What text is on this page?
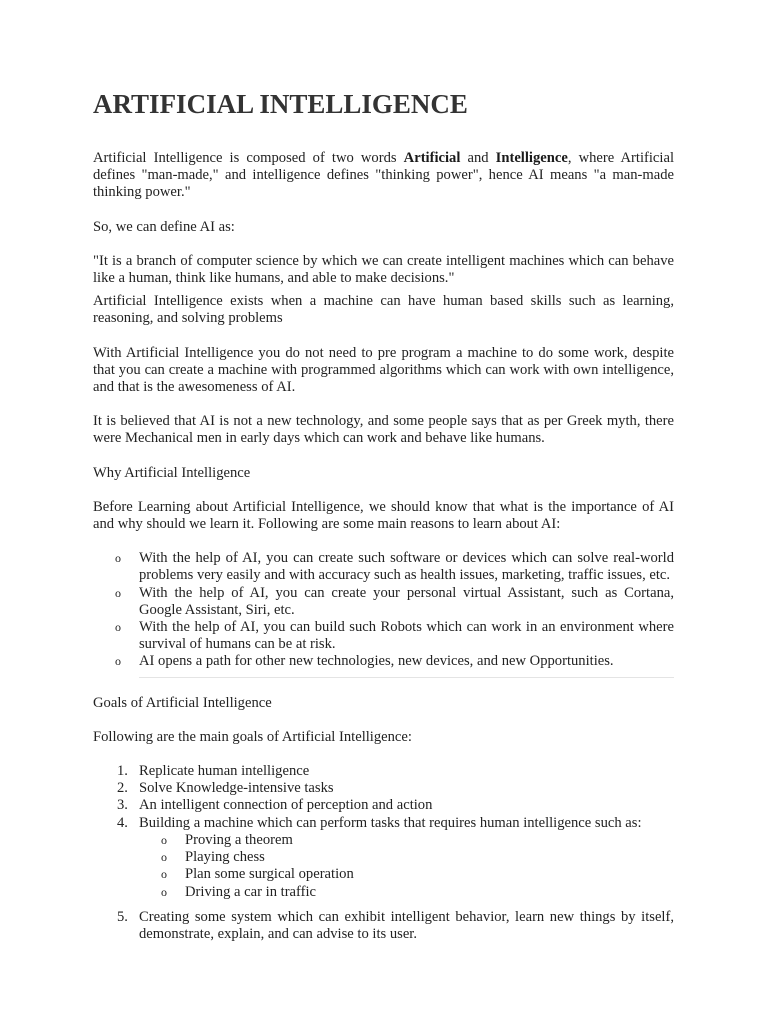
ARTIFICIAL INTELLIGENCE

Artificial Intelligence is composed of two words Artificial and Intelligence, where Artificial defines "man-made," and intelligence defines "thinking power", hence AI means "a man-made thinking power."

So, we can define AI as:

"It is a branch of computer science by which we can create intelligent machines which can behave like a human, think like humans, and able to make decisions."

Artificial Intelligence exists when a machine can have human based skills such as learning, reasoning, and solving problems

With Artificial Intelligence you do not need to pre program a machine to do some work, despite that you can create a machine with programmed algorithms which can work with own intelligence, and that is the awesomeness of AI.

It is believed that AI is not a new technology, and some people says that as per Greek myth, there were Mechanical men in early days which can work and behave like humans.

Why Artificial Intelligence

Before Learning about Artificial Intelligence, we should know that what is the importance of AI and why should we learn it. Following are some main reasons to learn about AI:

o With the help of AI, you can create such software or devices which can solve real-world problems very easily and with accuracy such as health issues, marketing, traffic issues, etc.
o With the help of AI, you can create your personal virtual Assistant, such as Cortana, Google Assistant, Siri, etc.
o With the help of AI, you can build such Robots which can work in an environment where survival of humans can be at risk.
o AI opens a path for other new technologies, new devices, and new Opportunities.

Goals of Artificial Intelligence

Following are the main goals of Artificial Intelligence:

1. Replicate human intelligence
2. Solve Knowledge-intensive tasks
3. An intelligent connection of perception and action
4. Building a machine which can perform tasks that requires human intelligence such as:
o Proving a theorem
o Playing chess
o Plan some surgical operation
o Driving a car in traffic
5. Creating some system which can exhibit intelligent behavior, learn new things by itself, demonstrate, explain, and can advise to its user.
